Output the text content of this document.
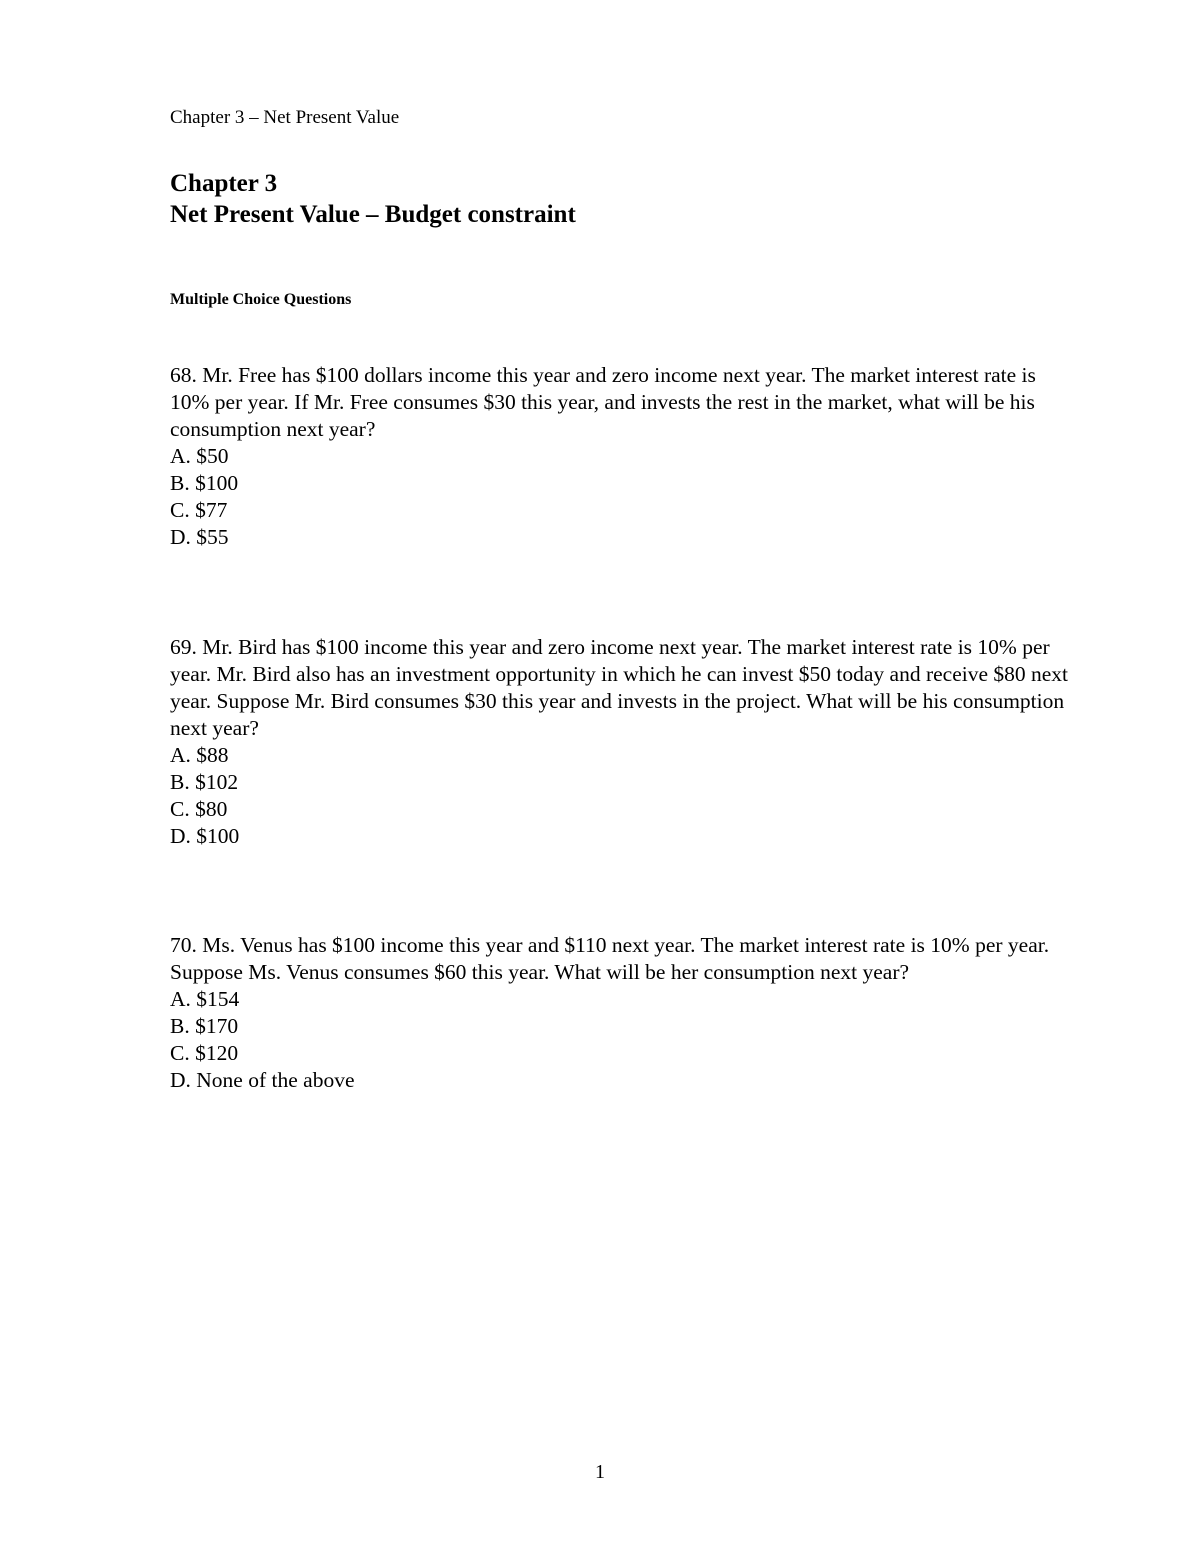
Chapter 3 – Net Present Value
Chapter 3
Net Present Value – Budget constraint
Multiple Choice Questions

68. Mr. Free has $100 dollars income this year and zero income next year. The market interest rate is 10% per year. If Mr. Free consumes $30 this year, and invests the rest in the market, what will be his consumption next year?

A. $50

B. $100

C. $77

D. $55

69. Mr. Bird has $100 income this year and zero income next year. The market interest rate is 10% per year. Mr. Bird also has an investment opportunity in which he can invest $50 today and receive $80 next year. Suppose Mr. Bird consumes $30 this year and invests in the project. What will be his consumption next year?

A. $88

B. $102

C. $80

D. $100

70. Ms. Venus has $100 income this year and $110 next year. The market interest rate is 10% per year. Suppose Ms. Venus consumes $60 this year. What will be her consumption next year?

A. $154

B. $170

C. $120

D. None of the above

1
